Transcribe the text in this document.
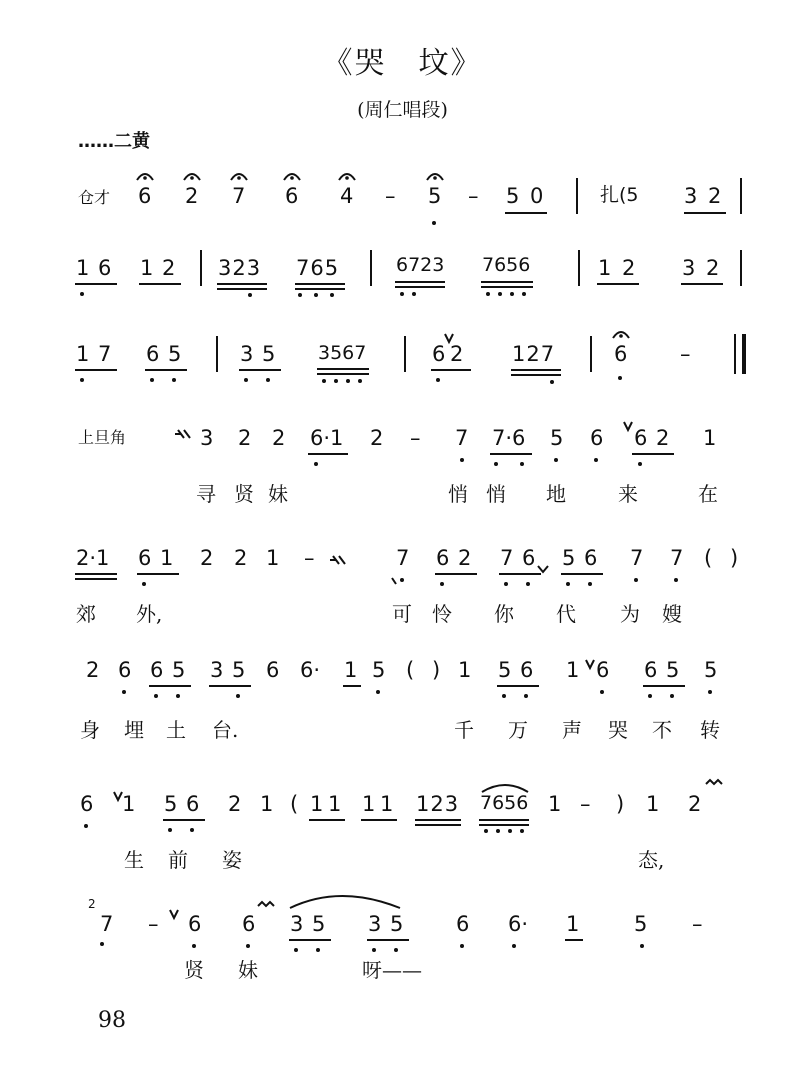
《哭　坟》
(周仁唱段)
……二黄
仓才 6 2 7 6 4 – 5 – 5 0	扎(5 3 2
1 6 1 2 323 765	6723 7656	1 2 3 2
1 7 6 5	3 5 3567	6 2 127	6	–
上旦角	3 2 2 6·1 2 – 7 7·6 5 6 6 2 1
寻 贤 妹	悄 悄 地	来	在
2·1 6 1 2 2 1 –	7 6 2 7 6 5 6 7 7 ( )
郊 外,	可 怜 你 代 为 嫂
2 6 6 5 3 5 6 6· 1 5 ( ) 1 5 6 1 6 6 5 5
身 埋 土 台.	千 万 声 哭 不 转
6 1 5 6 2 1 ( 1 1 1 1 123 7656 1 – ) 1 2
生 前 姿	态,
2
7 – 6 6 3 5 3 5	6 6· 1	5 –
贤 妹	呀——
98
